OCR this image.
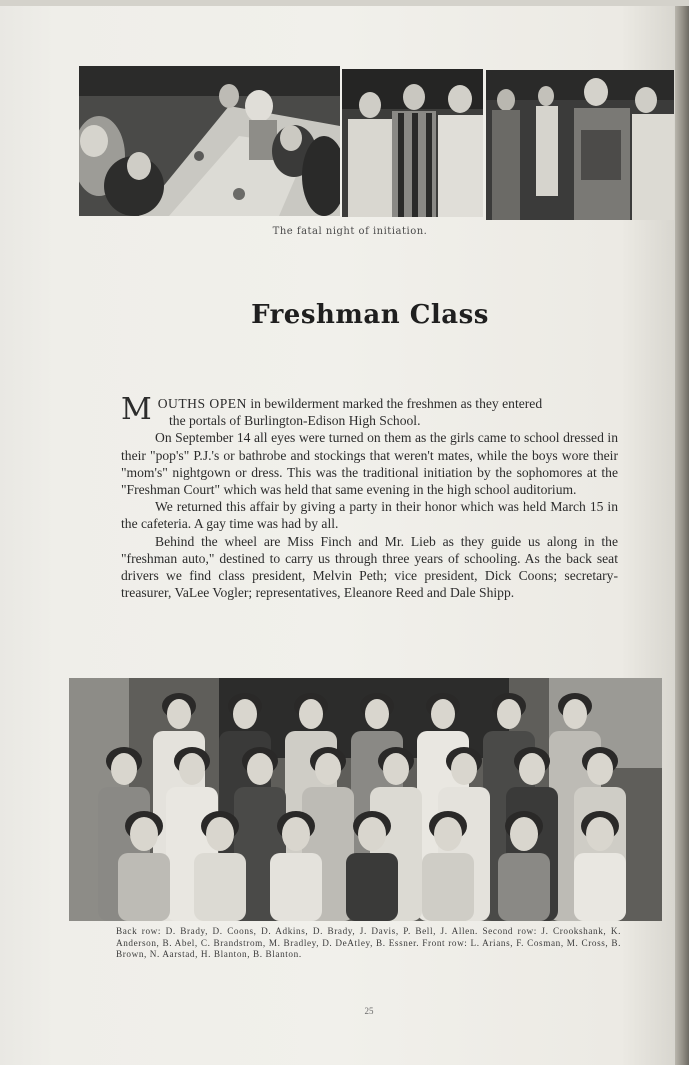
The fatal night of initiation.
Freshman Class

MOUTHS OPEN in bewilderment marked the freshmen as they entered
the portals of Burlington-Edison High School.

On September 14 all eyes were turned on them as the girls came to school dressed in their "pop's" P.J.'s or bathrobe and stockings that weren't mates, while the boys wore their "mom's" nightgown or dress. This was the traditional initiation by the sophomores at the "Freshman Court" which was held that same evening in the high school auditorium.

We returned this affair by giving a party in their honor which was held March 15 in the cafeteria. A gay time was had by all.

Behind the wheel are Miss Finch and Mr. Lieb as they guide us along in the "freshman auto," destined to carry us through three years of schooling. As the back seat drivers we find class president, Melvin Peth; vice president, Dick Coons; secretary-treasurer, VaLee Vogler; representatives, Eleanore Reed and Dale Shipp.

Back row: D. Brady, D. Coons, D. Adkins, D. Brady, J. Davis, P. Bell, J. Allen. Second row: J. Crookshank, K. Anderson, B. Abel, C. Brandstrom, M. Bradley, D. DeAtley, B. Essner. Front row: L. Arians, F. Cosman, M. Cross, B. Brown, N. Aarstad, H. Blanton, B. Blanton.
25
